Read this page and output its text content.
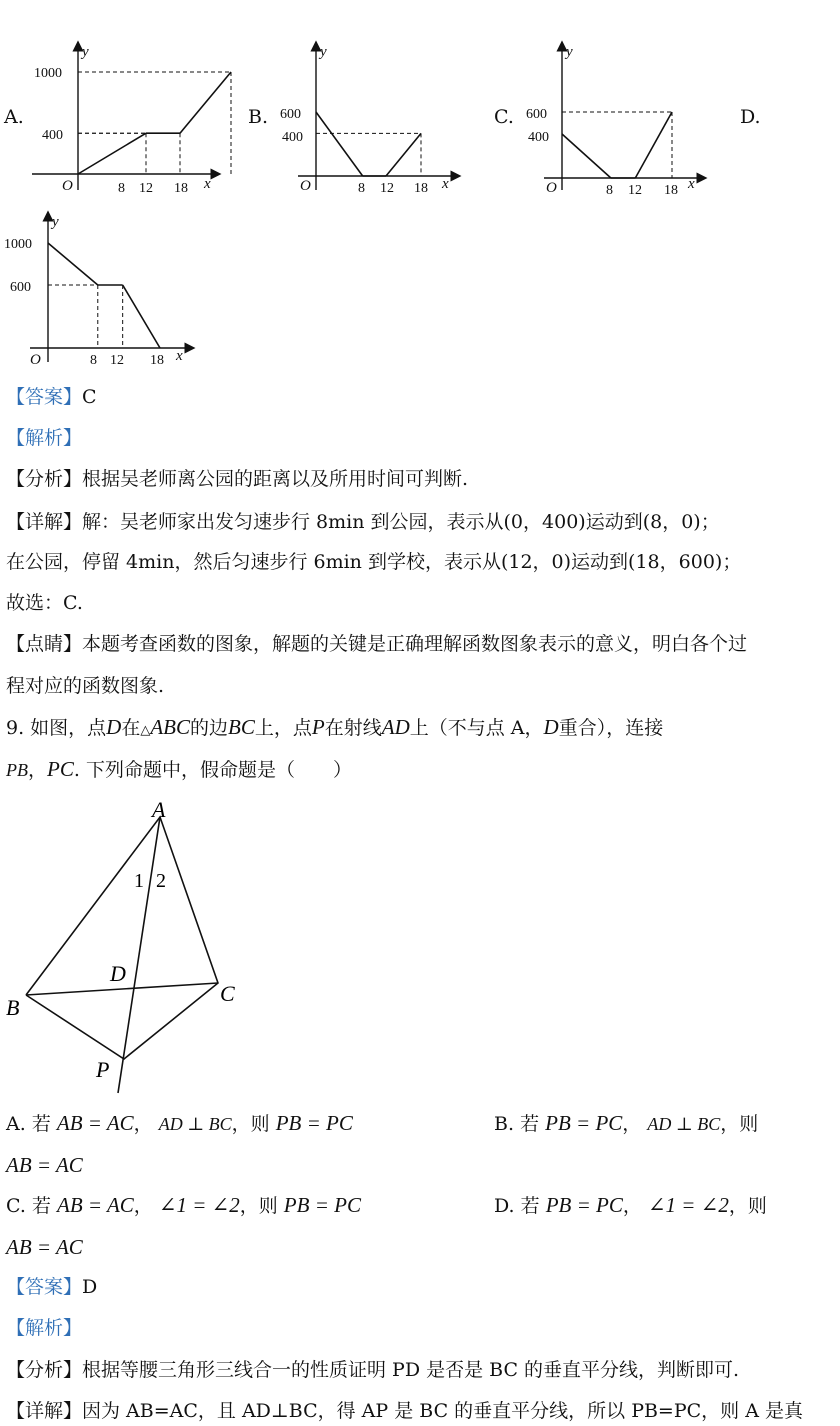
A.	B.	C.	D.
y
x
O
1000
400
8 12 18
y
x
O
600
400
8 12 18
y
x
O
600
400
8 12 18
y
x
O
1000
600
8 12 18
【答案】C
【解析】
【分析】根据吴老师离公园的距离以及所用时间可判断.
【详解】解：吴老师家出发匀速步行 8min 到公园，表示从(0，400)运动到(8，0)；
在公园，停留 4min，然后匀速步行 6min 到学校，表示从(12，0)运动到(18，600)；
故选：C.
【点睛】本题考查函数的图象，解题的关键是正确理解函数图象表示的意义，明白各个过
程对应的函数图象.
9. 如图，点D在△ABC的边BC上，点P在射线AD上（不与点 A，D重合），连接
PB，PC. 下列命题中，假命题是（　　）
A
B
C
D
P
1 2
A. 若 AB = AC， AD ⊥ BC，则 PB = PC	B. 若 PB = PC， AD ⊥ BC，则
AB = AC
C. 若 AB = AC， ∠1 = ∠2，则 PB = PC	D. 若 PB = PC， ∠1 = ∠2，则
AB = AC
【答案】D
【解析】
【分析】根据等腰三角形三线合一的性质证明 PD 是否是 BC 的垂直平分线，判断即可.
【详解】因为 AB=AC，且 AD⊥BC，得 AP 是 BC 的垂直平分线，所以 PB=PC，则 A 是真
